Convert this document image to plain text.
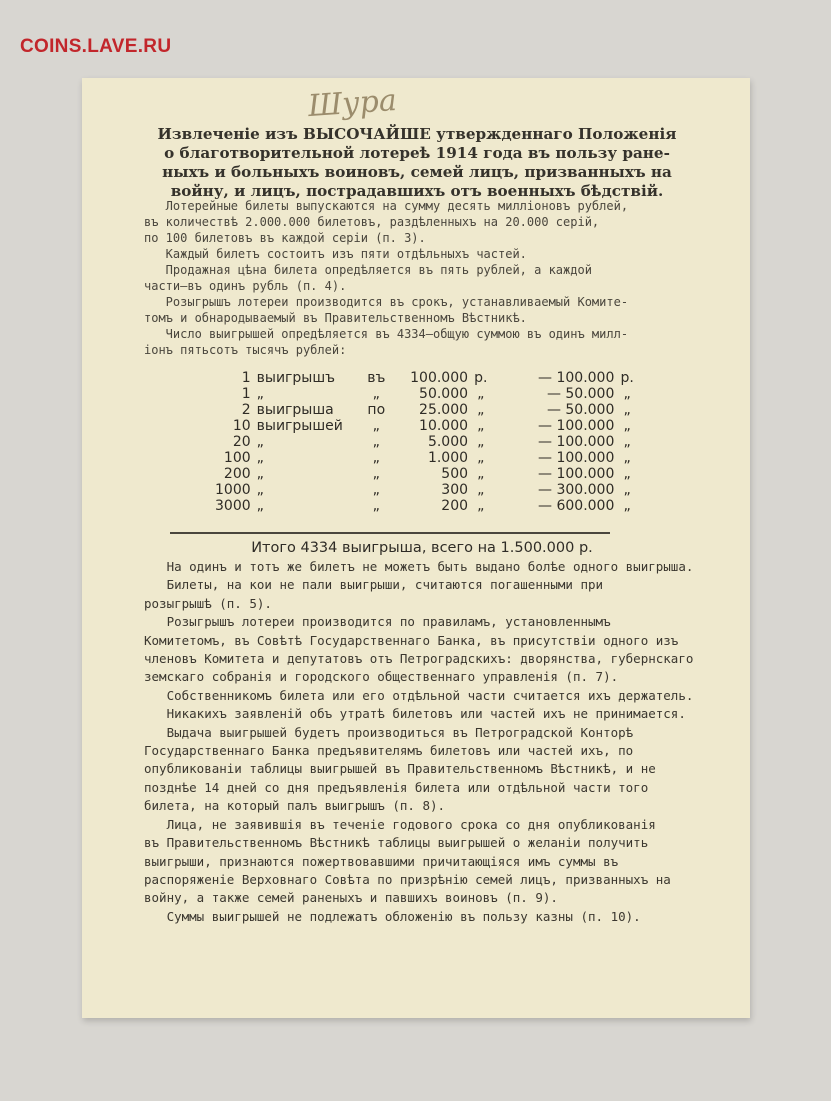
COINS.LAVE.RU
Шура
Извлеченіе изъ ВЫСОЧАЙШЕ утвержденнаго Положенія
о благотворительной лотереѣ 1914 года въ пользу ране-
ныхъ и больныхъ воиновъ, семей лицъ, призванныхъ на
войну, и лицъ, пострадавшихъ отъ военныхъ бѣдствій.
Лотерейные билеты выпускаются на сумму десять милліоновъ рублей,
въ количествѣ 2.000.000 билетовъ, раздѣленныхъ на 20.000 серій,
по 100 билетовъ въ каждой серіи (п. 3).
Каждый билетъ состоитъ изъ пяти отдѣльныхъ частей.
Продажная цѣна билета опредѣляется въ пять рублей, а каждой
части—въ одинъ рубль (п. 4).
Розыгрышъ лотереи производится въ срокъ, устанавливаемый Комите-
томъ и обнародываемый въ Правительственномъ Вѣстникѣ.
Число выигрышей опредѣляется въ 4334—общую суммою въ одинъ милл-
іонъ пятьсотъ тысячъ рублей:
1	выигрышъ	въ	100.000	р.	— 100.000	р.
1	„	„	50.000	„	— 50.000	„
2	выигрыша	по	25.000	„	— 50.000	„
10	выигрышей	„	10.000	„	— 100.000	„
20	„	„	5.000	„	— 100.000	„
100	„	„	1.000	„	— 100.000	„
200	„	„	500	„	— 100.000	„
1000	„	„	300	„	— 300.000	„
3000	„	„	200	„	— 600.000	„
Итого 4334 выигрыша, всего на 1.500.000 р.
На одинъ и тотъ же билетъ не можетъ быть выдано болѣе одного выигрыша.
Билеты, на кои не пали выигрыши, считаются погашенными при
розыгрышѣ (п. 5).
Розыгрышъ лотереи производится по правиламъ, установленнымъ
Комитетомъ, въ Совѣтѣ Государственнаго Банка, въ присутствіи одного изъ
членовъ Комитета и депутатовъ отъ Петроградскихъ: дворянства, губернскаго
земскаго собранія и городского общественнаго управленія (п. 7).
Собственникомъ билета или его отдѣльной части считается ихъ держатель.
Никакихъ заявленій объ утратѣ билетовъ или частей ихъ не принимается.
Выдача выигрышей будетъ производиться въ Петроградской Конторѣ
Государственнаго Банка предъявителямъ билетовъ или частей ихъ, по
опубликованіи таблицы выигрышей въ Правительственномъ Вѣстникѣ, и не
позднѣе 14 дней со дня предъявленія билета или отдѣльной части того
билета, на который палъ выигрышъ (п. 8).
Лица, не заявившія въ теченіе годового срока со дня опубликованія
въ Правительственномъ Вѣстникѣ таблицы выигрышей о желаніи получить
выигрыши, признаются пожертвовавшими причитающіяся имъ суммы въ
распоряженіе Верховнаго Совѣта по призрѣнію семей лицъ, призванныхъ на
войну, а также семей раненыхъ и павшихъ воиновъ (п. 9).
Суммы выигрышей не подлежатъ обложенію въ пользу казны (п. 10).
